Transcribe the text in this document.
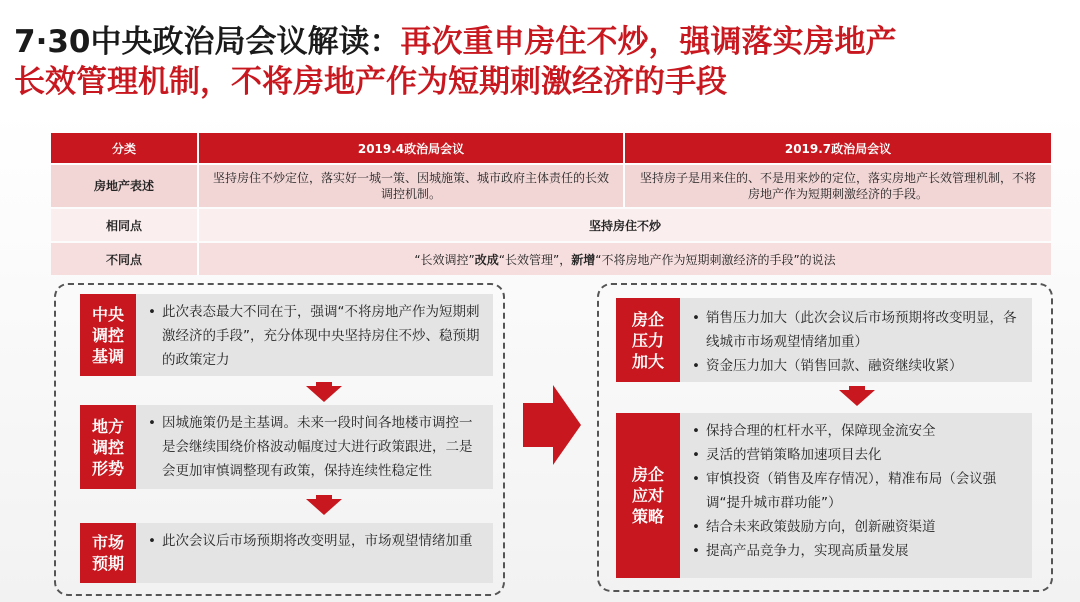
7·30中央政治局会议解读：再次重申房住不炒，强调落实房地产
长效管理机制，不将房地产作为短期刺激经济的手段
分类	2019.4政治局会议	2019.7政治局会议
房地产表述	坚持房住不炒定位，落实好一城一策、因城施策、城市政府主体责任的长效调控机制。	坚持房子是用来住的、不是用来炒的定位，落实房地产长效管理机制，不将房地产作为短期刺激经济的手段。
相同点	坚持房住不炒	
不同点	“长效调控”改成“长效管理”，新增“不将房地产作为短期刺激经济的手段”的说法	
中央调控基调
• 此次表态最大不同在于，强调“不将房地产作为短期刺激经济的手段”，充分体现中央坚持房住不炒、稳预期的政策定力
地方调控形势
• 因城施策仍是主基调。未来一段时间各地楼市调控一是会继续围绕价格波动幅度过大进行政策跟进，二是会更加审慎调整现有政策，保持连续性稳定性
市场预期
• 此次会议后市场预期将改变明显，市场观望情绪加重
房企压力加大
• 销售压力加大（此次会议后市场预期将改变明显，各线城市市场观望情绪加重）
• 资金压力加大（销售回款、融资继续收紧）
房企应对策略
• 保持合理的杠杆水平，保障现金流安全
• 灵活的营销策略加速项目去化
• 审慎投资（销售及库存情况），精准布局（会议强调“提升城市群功能”）
• 结合未来政策鼓励方向，创新融资渠道
• 提高产品竞争力，实现高质量发展
